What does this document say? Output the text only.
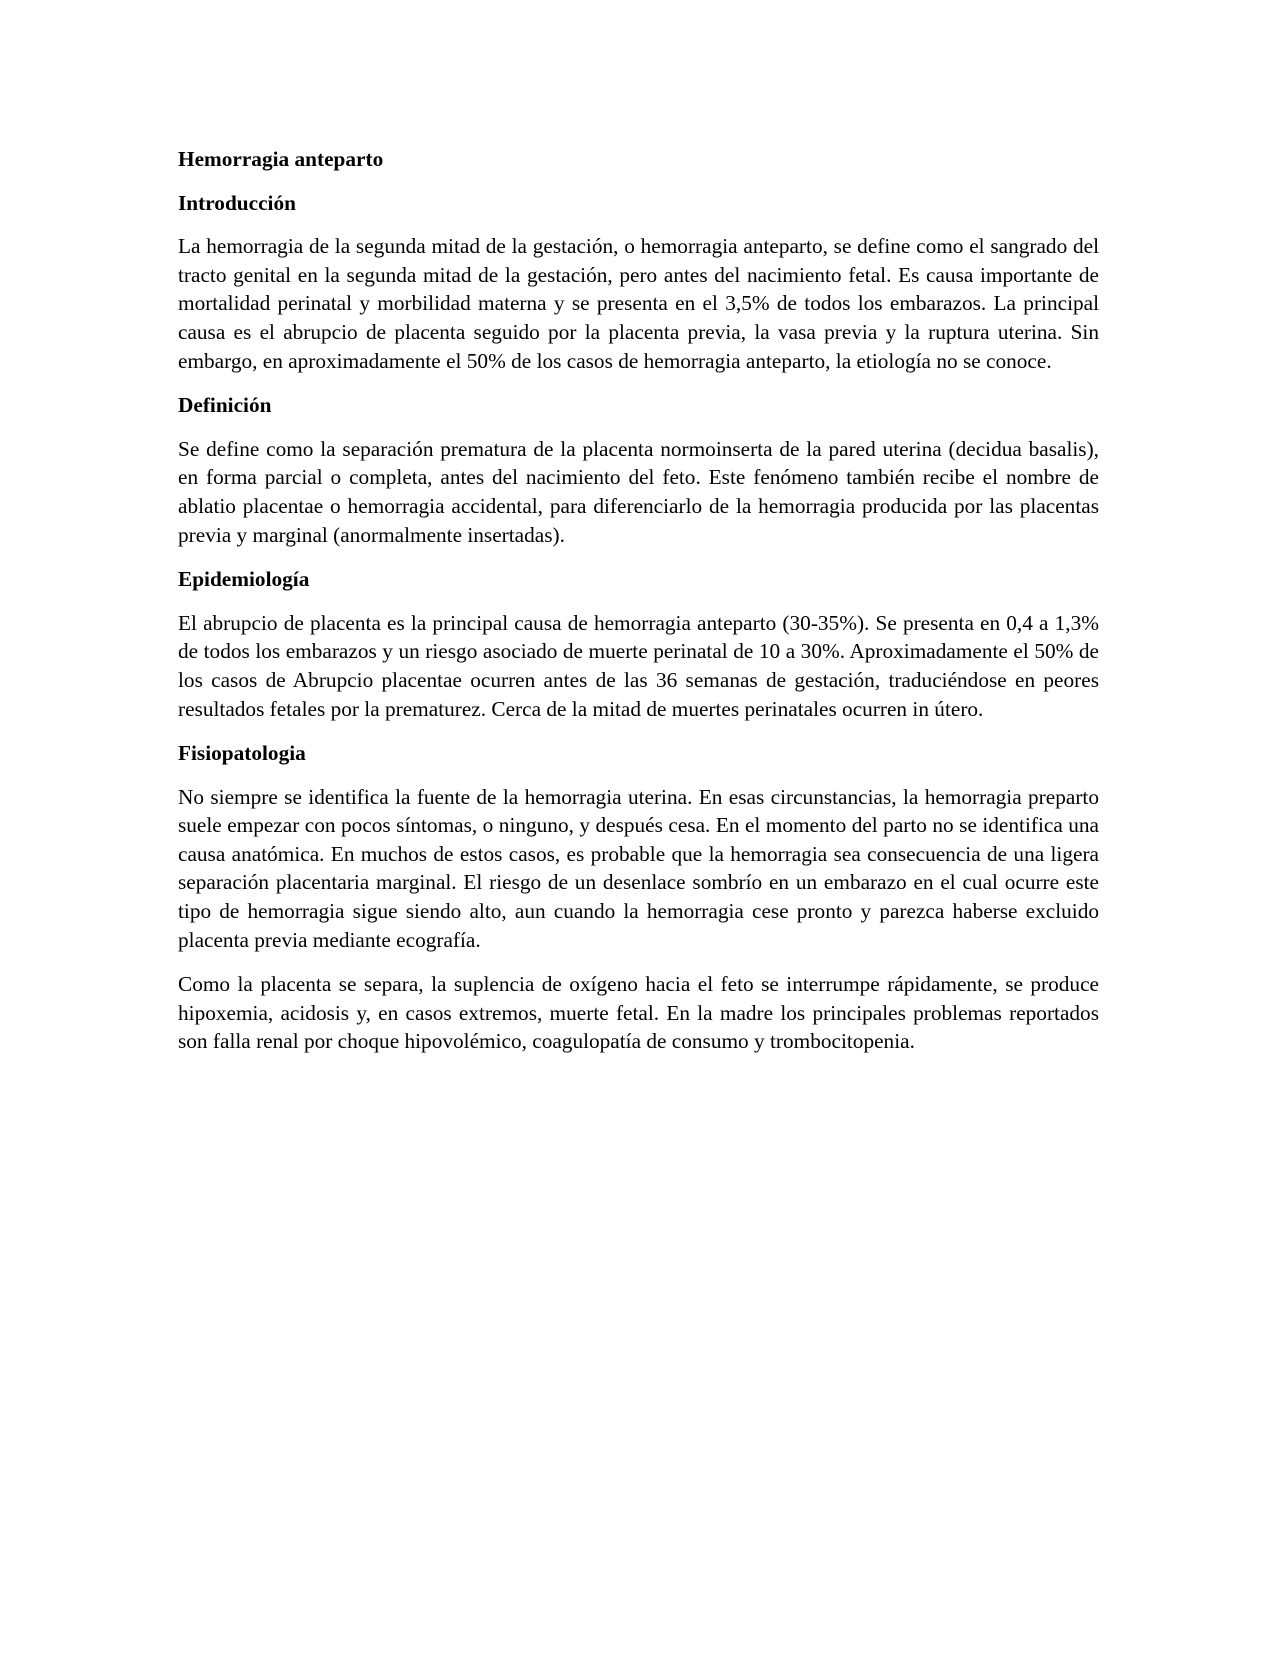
Hemorragia anteparto
Introducción

La hemorragia de la segunda mitad de la gestación, o hemorragia anteparto, se define como el sangrado del tracto genital en la segunda mitad de la gestación, pero antes del nacimiento fetal. Es causa importante de mortalidad perinatal y morbilidad materna y se presenta en el 3,5% de todos los embarazos. La principal causa es el abrupcio de placenta seguido por la placenta previa, la vasa previa y la ruptura uterina. Sin embargo, en aproximadamente el 50% de los casos de hemorragia anteparto, la etiología no se conoce.

Definición

Se define como la separación prematura de la placenta normoinserta de la pared uterina (decidua basalis), en forma parcial o completa, antes del nacimiento del feto. Este fenómeno también recibe el nombre de ablatio placentae o hemorragia accidental, para diferenciarlo de la hemorragia producida por las placentas previa y marginal (anormalmente insertadas).

Epidemiología

El abrupcio de placenta es la principal causa de hemorragia anteparto (30-35%). Se presenta en 0,4 a 1,3% de todos los embarazos y un riesgo asociado de muerte perinatal de 10 a 30%. Aproximadamente el 50% de los casos de Abrupcio placentae ocurren antes de las 36 semanas de gestación, traduciéndose en peores resultados fetales por la prematurez. Cerca de la mitad de muertes perinatales ocurren in útero.

Fisiopatologia

No siempre se identifica la fuente de la hemorragia uterina. En esas circunstancias, la hemorragia preparto suele empezar con pocos síntomas, o ninguno, y después cesa. En el momento del parto no se identifica una causa anatómica. En muchos de estos casos, es probable que la hemorragia sea consecuencia de una ligera separación placentaria marginal. El riesgo de un desenlace sombrío en un embarazo en el cual ocurre este tipo de hemorragia sigue siendo alto, aun cuando la hemorragia cese pronto y parezca haberse excluido placenta previa mediante ecografía.

Como la placenta se separa, la suplencia de oxígeno hacia el feto se interrumpe rápidamente, se produce hipoxemia, acidosis y, en casos extremos, muerte fetal. En la madre los principales problemas reportados son falla renal por choque hipovolémico, coagulopatía de consumo y trombocitopenia.
